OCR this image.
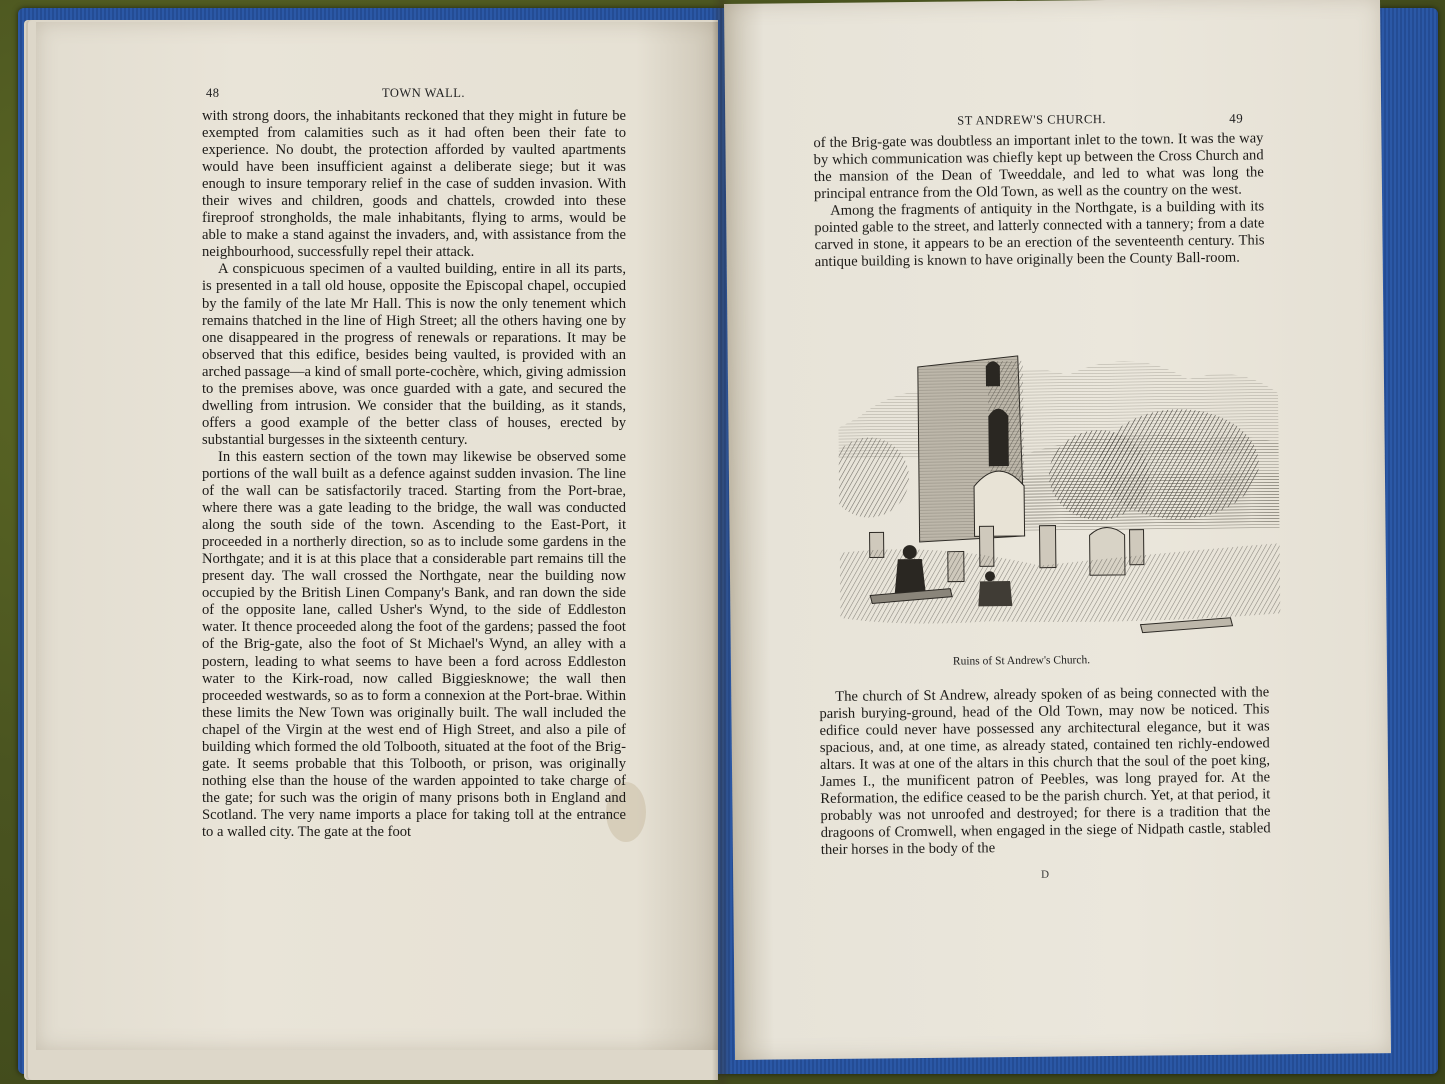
48	TOWN WALL.

with strong doors, the inhabitants reckoned that they might in future be exempted from calamities such as it had often been their fate to experience. No doubt, the protection afforded by vaulted apartments would have been insufficient against a deliberate siege; but it was enough to insure temporary relief in the case of sudden invasion. With their wives and children, goods and chattels, crowded into these fireproof strongholds, the male inhabitants, flying to arms, would be able to make a stand against the invaders, and, with assistance from the neighbourhood, successfully repel their attack.

A conspicuous specimen of a vaulted building, entire in all its parts, is presented in a tall old house, opposite the Episcopal chapel, occupied by the family of the late Mr Hall. This is now the only tenement which remains thatched in the line of High Street; all the others having one by one disappeared in the progress of renewals or reparations. It may be observed that this edifice, besides being vaulted, is provided with an arched passage—a kind of small porte-cochère, which, giving admission to the premises above, was once guarded with a gate, and secured the dwelling from intrusion. We consider that the building, as it stands, offers a good example of the better class of houses, erected by substantial burgesses in the sixteenth century.

In this eastern section of the town may likewise be observed some portions of the wall built as a defence against sudden invasion. The line of the wall can be satisfactorily traced. Starting from the Port-brae, where there was a gate leading to the bridge, the wall was conducted along the south side of the town. Ascending to the East-Port, it proceeded in a northerly direction, so as to include some gardens in the Northgate; and it is at this place that a considerable part remains till the present day. The wall crossed the Northgate, near the building now occupied by the British Linen Company's Bank, and ran down the side of the opposite lane, called Usher's Wynd, to the side of Eddleston water. It thence proceeded along the foot of the gardens; passed the foot of the Brig-gate, also the foot of St Michael's Wynd, an alley with a postern, leading to what seems to have been a ford across Eddleston water to the Kirk-road, now called Biggiesknowe; the wall then proceeded westwards, so as to form a connexion at the Port-brae. Within these limits the New Town was originally built. The wall included the chapel of the Virgin at the west end of High Street, and also a pile of building which formed the old Tolbooth, situated at the foot of the Brig-gate. It seems probable that this Tolbooth, or prison, was originally nothing else than the house of the warden appointed to take charge of the gate; for such was the origin of many prisons both in England and Scotland. The very name imports a place for taking toll at the entrance to a walled city. The gate at the foot

ST ANDREW'S CHURCH.	49

of the Brig-gate was doubtless an important inlet to the town. It was the way by which communication was chiefly kept up between the Cross Church and the mansion of the Dean of Tweeddale, and led to what was long the principal entrance from the Old Town, as well as the country on the west.

Among the fragments of antiquity in the Northgate, is a building with its pointed gable to the street, and latterly connected with a tannery; from a date carved in stone, it appears to be an erection of the seventeenth century. This antique building is known to have originally been the County Ball-room.

Ruins of St Andrew's Church.

The church of St Andrew, already spoken of as being connected with the parish burying-ground, head of the Old Town, may now be noticed. This edifice could never have possessed any architectural elegance, but it was spacious, and, at one time, as already stated, contained ten richly-endowed altars. It was at one of the altars in this church that the soul of the poet king, James I., the munificent patron of Peebles, was long prayed for. At the Reformation, the edifice ceased to be the parish church. Yet, at that period, it probably was not unroofed and destroyed; for there is a tradition that the dragoons of Cromwell, when engaged in the siege of Nidpath castle, stabled their horses in the body of the

D
